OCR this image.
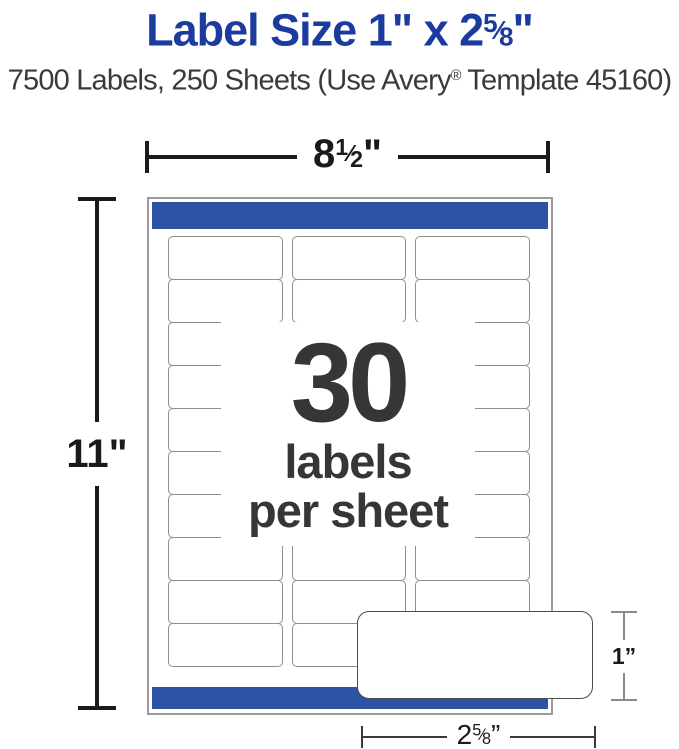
Label Size 1" x $2^5⁄8$"
7500 Labels, 250 Sheets (Use Avery® Template 45160)
$8^1⁄2$"
11"
30
labels
per sheet
1”
$2^5⁄8$”
